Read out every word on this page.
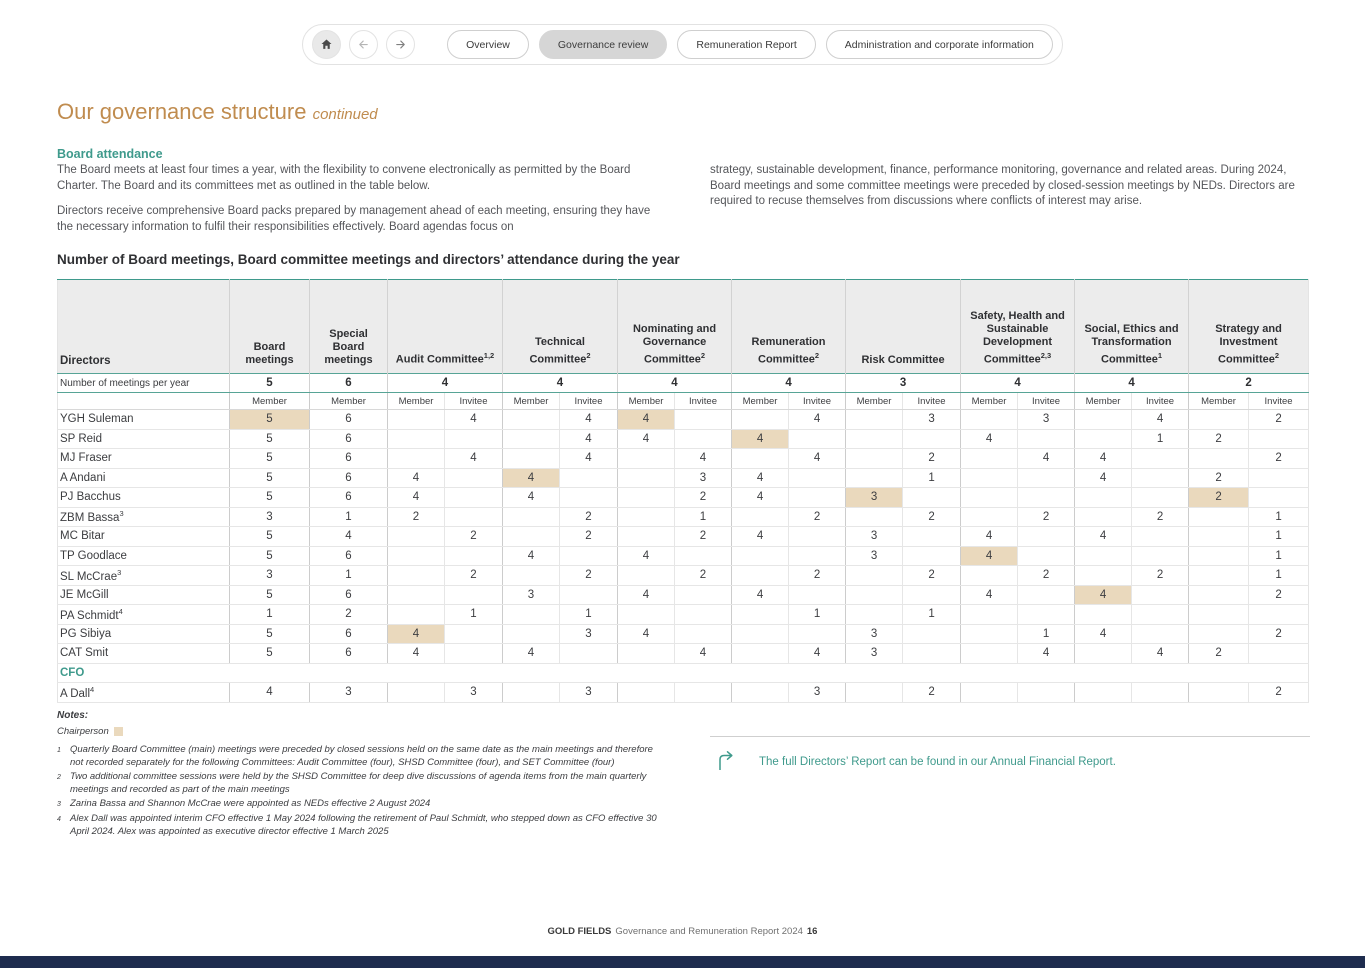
Overview	Governance review	Remuneration Report	Administration and corporate information
Our governance structure continued
Board attendance

The Board meets at least four times a year, with the flexibility to convene electronically as permitted by the Board Charter. The Board and its committees met as outlined in the table below.

Directors receive comprehensive Board packs prepared by management ahead of each meeting, ensuring they have the necessary information to fulfil their responsibilities effectively. Board agendas focus on

strategy, sustainable development, finance, performance monitoring, governance and related areas. During 2024, Board meetings and some committee meetings were preceded by closed-session meetings by NEDs. Directors are required to recuse themselves from discussions where conflicts of interest may arise.

Number of Board meetings, Board committee meetings and directors’ attendance during the year
Directors	Board meetings	Special Board meetings	Audit Committee$^{1,2}$		Technical Committee$^2$		Nominating and Governance Committee$^2$		Remuneration Committee$^2$		Risk Committee		Safety, Health and Sustainable Development Committee$^{2,3}$		Social, Ethics and Transformation Committee$^1$		Strategy and Investment Committee$^2$
Number of meetings per year	5	6	4		4		4		4		3		4		4		2	
	Member	Member	Member	Invitee	Member	Invitee	Member	Invitee	Member	Invitee	Member	Invitee	Member	Invitee	Member	Invitee	Member	Invitee
YGH Suleman	5	6		4		4	4			4		3		3		4		2
SP Reid	5	6				4	4		4				4			1	2	
MJ Fraser	5	6		4		4		4		4		2		4	4			2
A Andani	5	6	4		4			3	4			1			4		2	
PJ Bacchus	5	6	4		4			2	4		3						2	
ZBM Bassa$^3$	3	1	2			2		1		2		2		2		2		1
MC Bitar	5	4		2		2		2	4		3		4		4			1
TP Goodlace	5	6			4		4				3		4					1
SL McCrae$^3$	3	1		2		2		2		2		2		2		2		1
JE McGill	5	6			3		4		4				4		4			2
PA Schmidt$^4$	1	2		1		1				1		1						
PG Sibiya	5	6	4			3	4				3			1	4			2
CAT Smit	5	6	4		4			4		4	3			4		4	2	
CFO																		
A Dall$^4$	4	3		3		3				3		2						2
Notes:
Chairperson
1 Quarterly Board Committee (main) meetings were preceded by closed sessions held on the same date as the main meetings and therefore not recorded separately for the following Committees: Audit Committee (four), SHSD Committee (four), and SET Committee (four)
2 Two additional committee sessions were held by the SHSD Committee for deep dive discussions of agenda items from the main quarterly meetings and recorded as part of the main meetings
3 Zarina Bassa and Shannon McCrae were appointed as NEDs effective 2 August 2024
4 Alex Dall was appointed interim CFO effective 1 May 2024 following the retirement of Paul Schmidt, who stepped down as CFO effective 30 April 2024. Alex was appointed as executive director effective 1 March 2025
The full Directors’ Report can be found in our Annual Financial Report.
GOLD FIELDS Governance and Remuneration Report 2024 16
